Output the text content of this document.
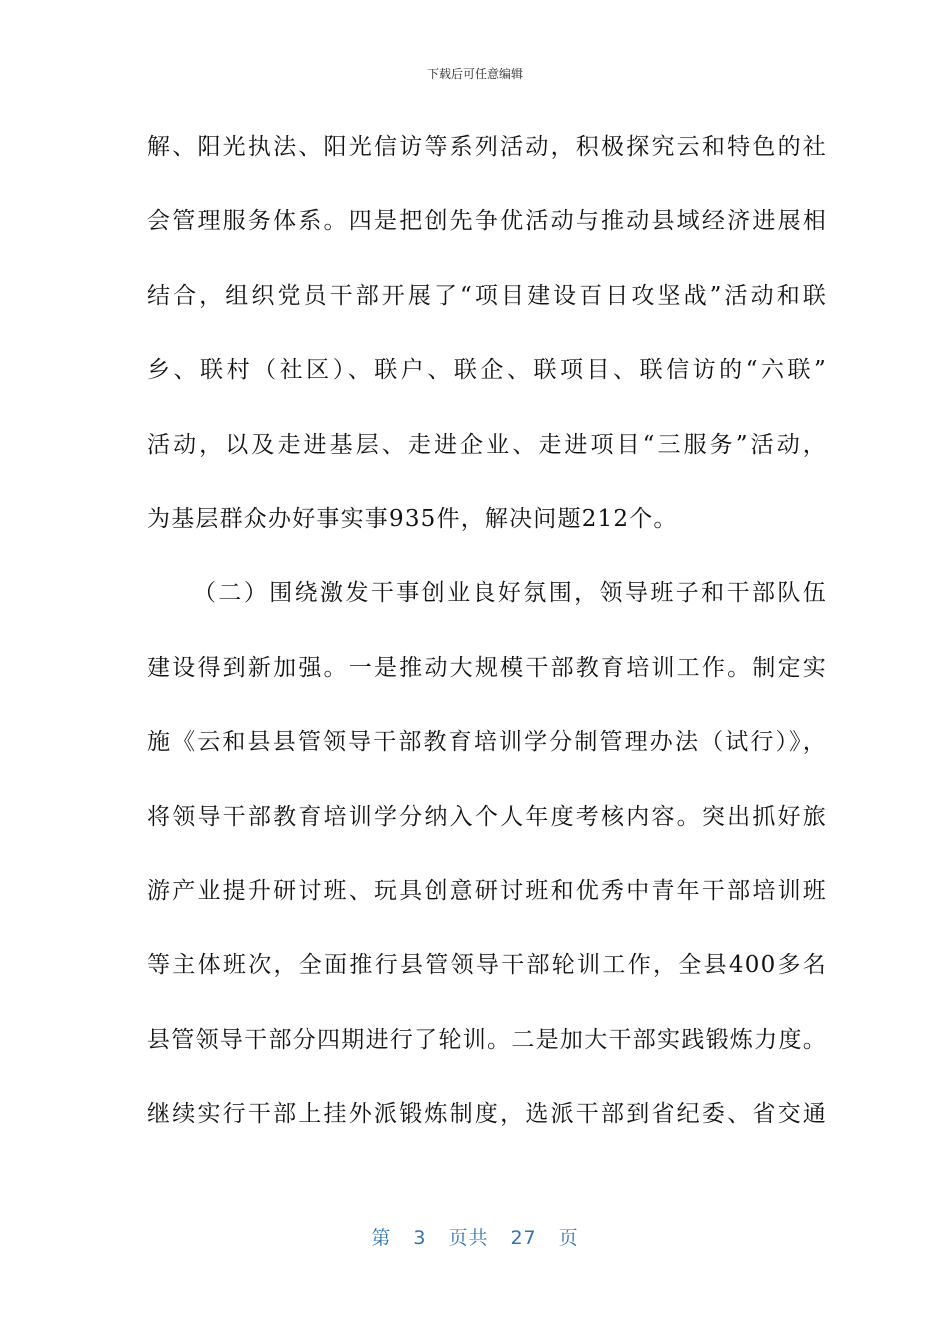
下载后可任意编辑
解、阳光执法、阳光信访等系列活动，积极探究云和特色的社
会管理服务体系。四是把创先争优活动与推动县域经济进展相
结合，组织党员干部开展了“项目建设百日攻坚战”活动和联
乡、联村（社区）、联户、联企、联项目、联信访的“六联”
活动，以及走进基层、走进企业、走进项目“三服务”活动，
为基层群众办好事实事935件，解决问题212个。
（二）围绕激发干事创业良好氛围，领导班子和干部队伍
建设得到新加强。一是推动大规模干部教育培训工作。制定实
施《云和县县管领导干部教育培训学分制管理办法（试行）》，
将领导干部教育培训学分纳入个人年度考核内容。突出抓好旅
游产业提升研讨班、玩具创意研讨班和优秀中青年干部培训班
等主体班次，全面推行县管领导干部轮训工作，全县400多名
县管领导干部分四期进行了轮训。二是加大干部实践锻炼力度。
继续实行干部上挂外派锻炼制度，选派干部到省纪委、省交通
第 3 页共 27 页
